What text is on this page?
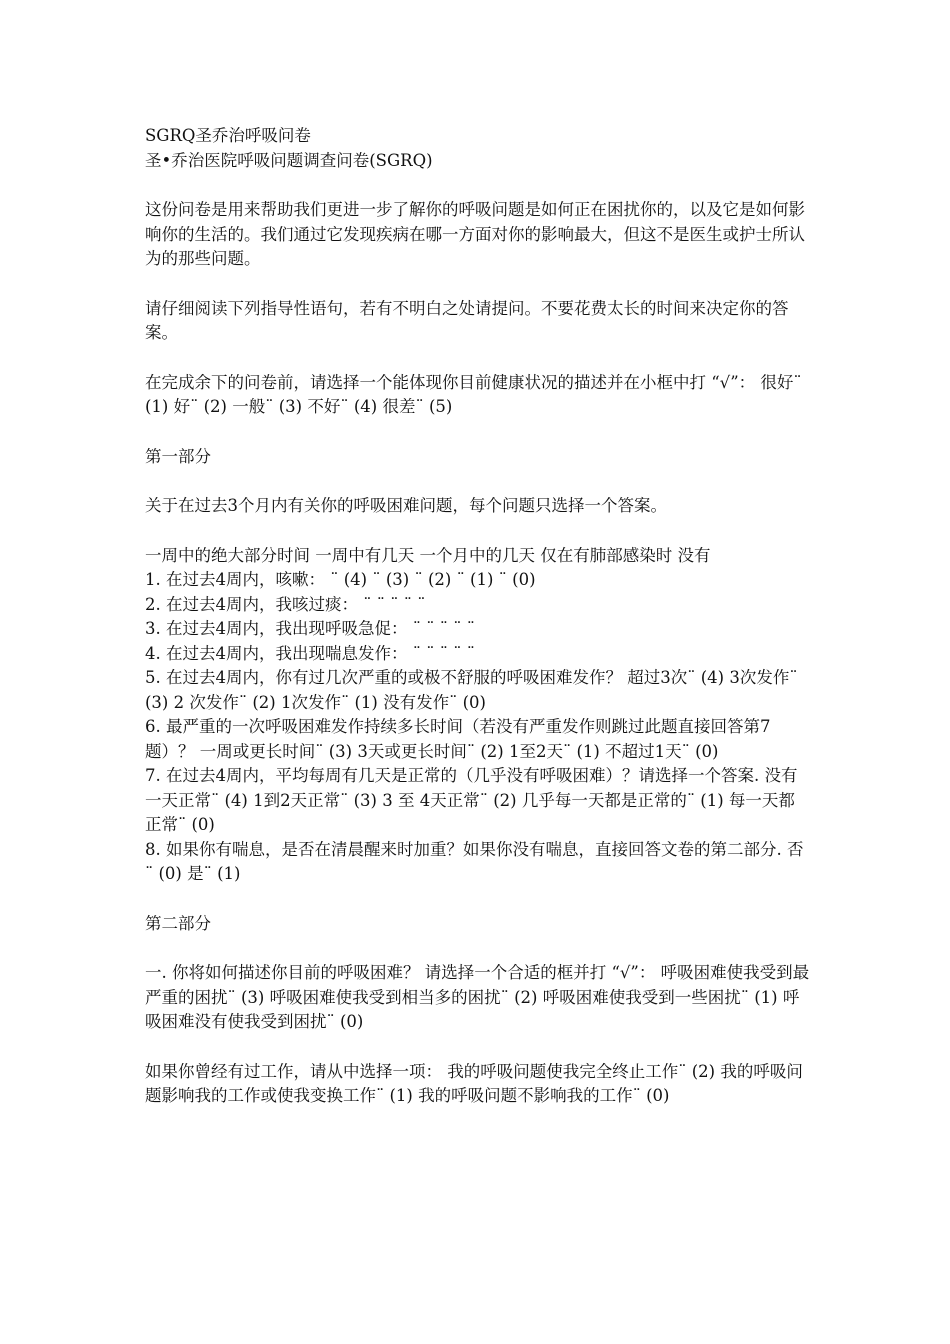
SGRQ圣乔治呼吸问卷

圣•乔治医院呼吸问题调查问卷(SGRQ)

这份问卷是用来帮助我们更进一步了解你的呼吸问题是如何正在困扰你的，以及它是如何影响你的生活的。我们通过它发现疾病在哪一方面对你的影响最大，但这不是医生或护士所认为的那些问题。

请仔细阅读下列指导性语句，若有不明白之处请提问。不要花费太长的时间来决定你的答案。

在完成余下的问卷前，请选择一个能体现你目前健康状况的描述并在小框中打 “√”： 很好¨ (1) 好¨ (2) 一般¨ (3) 不好¨ (4) 很差¨ (5)

第一部分

关于在过去3个月内有关你的呼吸困难问题，每个问题只选择一个答案。

一周中的绝大部分时间 一周中有几天 一个月中的几天 仅在有肺部感染时 没有

1. 在过去4周内，咳嗽： ¨ (4) ¨ (3) ¨ (2) ¨ (1) ¨ (0)

2. 在过去4周内，我咳过痰： ¨ ¨ ¨ ¨ ¨

3. 在过去4周内，我出现呼吸急促： ¨ ¨ ¨ ¨ ¨

4. 在过去4周内，我出现喘息发作： ¨ ¨ ¨ ¨ ¨

5. 在过去4周内，你有过几次严重的或极不舒服的呼吸困难发作？ 超过3次¨ (4) 3次发作¨ (3) 2 次发作¨ (2) 1次发作¨ (1) 没有发作¨ (0)

6. 最严重的一次呼吸困难发作持续多长时间（若没有严重发作则跳过此题直接回答第7题）？ 一周或更长时间¨ (3) 3天或更长时间¨ (2) 1至2天¨ (1) 不超过1天¨ (0)

7. 在过去4周内，平均每周有几天是正常的（几乎没有呼吸困难）？请选择一个答案. 没有一天正常¨ (4) 1到2天正常¨ (3) 3 至 4天正常¨ (2) 几乎每一天都是正常的¨ (1) 每一天都正常¨ (0)

8. 如果你有喘息，是否在清晨醒来时加重？如果你没有喘息，直接回答文卷的第二部分. 否¨ (0) 是¨ (1)

第二部分

一. 你将如何描述你目前的呼吸困难？ 请选择一个合适的框并打 “√”： 呼吸困难使我受到最严重的困扰¨ (3) 呼吸困难使我受到相当多的困扰¨ (2) 呼吸困难使我受到一些困扰¨ (1) 呼吸困难没有使我受到困扰¨ (0)

如果你曾经有过工作，请从中选择一项： 我的呼吸问题使我完全终止工作¨ (2) 我的呼吸问题影响我的工作或使我变换工作¨ (1) 我的呼吸问题不影响我的工作¨ (0)
